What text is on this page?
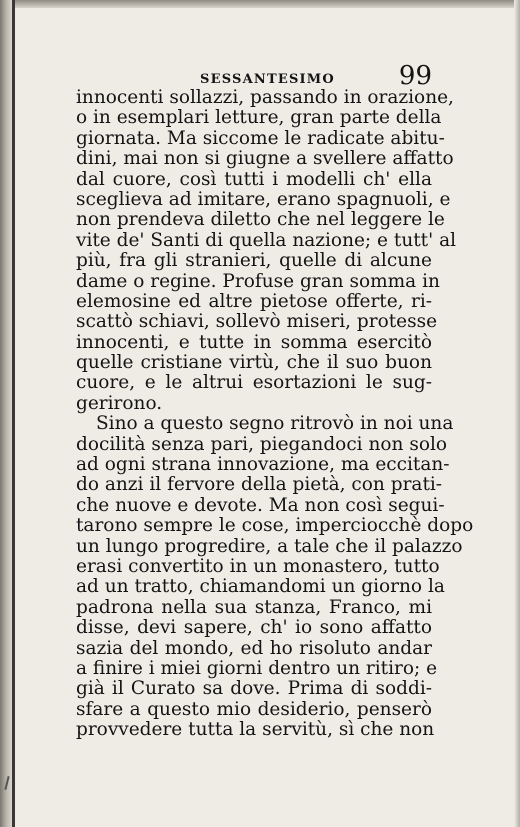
SESSANTESIMO 99
innocenti sollazzi, passando in orazione,
o in esemplari letture, gran parte della
giornata. Ma siccome le radicate abitu-
dini, mai non si giugne a svellere affatto
dal cuore, così tutti i modelli ch' ella
sceglieva ad imitare, erano spagnuoli, e
non prendeva diletto che nel leggere le
vite de' Santi di quella nazione; e tutt' al
più, fra gli stranieri, quelle di alcune
dame o regine. Profuse gran somma in
elemosine ed altre pietose offerte, ri-
scattò schiavi, sollevò miseri, protesse
innocenti, e tutte in somma esercitò
quelle cristiane virtù, che il suo buon
cuore, e le altrui esortazioni le sug-
gerirono.
Sino a questo segno ritrovò in noi una
docilità senza pari, piegandoci non solo
ad ogni strana innovazione, ma eccitan-
do anzi il fervore della pietà, con prati-
che nuove e devote. Ma non così segui-
tarono sempre le cose, imperciocchè dopo
un lungo progredire, a tale che il palazzo
erasi convertito in un monastero, tutto
ad un tratto, chiamandomi un giorno la
padrona nella sua stanza, Franco, mi
disse, devi sapere, ch' io sono affatto
sazia del mondo, ed ho risoluto andar
a finire i miei giorni dentro un ritiro; e
già il Curato sa dove. Prima di soddi-
sfare a questo mio desiderio, penserò
provvedere tutta la servitù, sì che non
